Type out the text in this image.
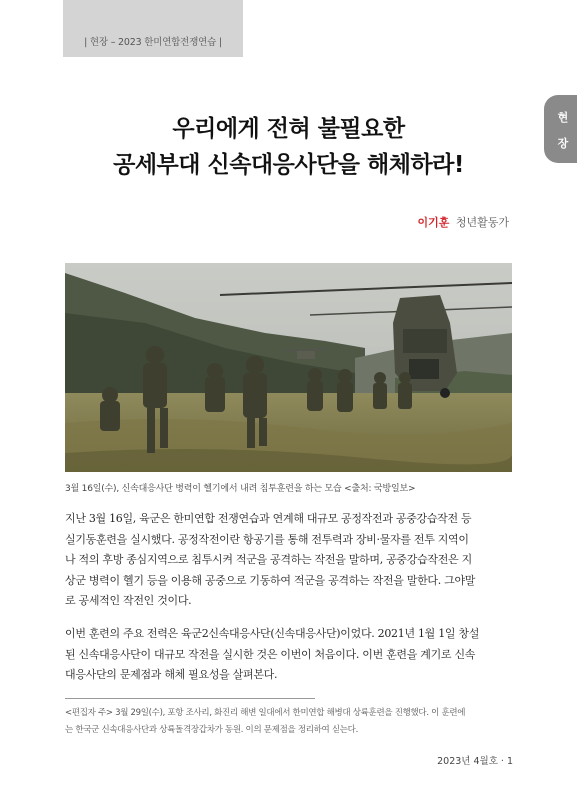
| 현장 – 2023 한미연합전쟁연습 |
현
장
우리에게 전혀 불필요한
공세부대 신속대응사단을 해체하라!
이기훈 청년활동가
3월 16일(수), 신속대응사단 병력이 헬기에서 내려 침투훈련을 하는 모습 <출처: 국방일보>
지난 3월 16일, 육군은 한미연합 전쟁연습과 연계해 대규모 공정작전과 공중강습작전 등
실기동훈련을 실시했다. 공정작전이란 항공기를 통해 전투력과 장비·물자를 전투 지역이
나 적의 후방 종심지역으로 침투시켜 적군을 공격하는 작전을 말하며, 공중강습작전은 지
상군 병력이 헬기 등을 이용해 공중으로 기동하여 적군을 공격하는 작전을 말한다. 그야말
로 공세적인 작전인 것이다.
이번 훈련의 주요 전력은 육군2신속대응사단(신속대응사단)이었다. 2021년 1월 1일 창설
된 신속대응사단이 대규모 작전을 실시한 것은 이번이 처음이다. 이번 훈련을 계기로 신속
대응사단의 문제점과 해체 필요성을 살펴본다.
<편집자 주> 3월 29일(수), 포항 조사리, 화진리 해변 일대에서 한미연합 해병대 상륙훈련을 진행했다. 이 훈련에
는 한국군 신속대응사단과 상륙돌격장갑차가 동원. 이의 문제점을 정리하여 싣는다.
2023년 4월호 · 1
